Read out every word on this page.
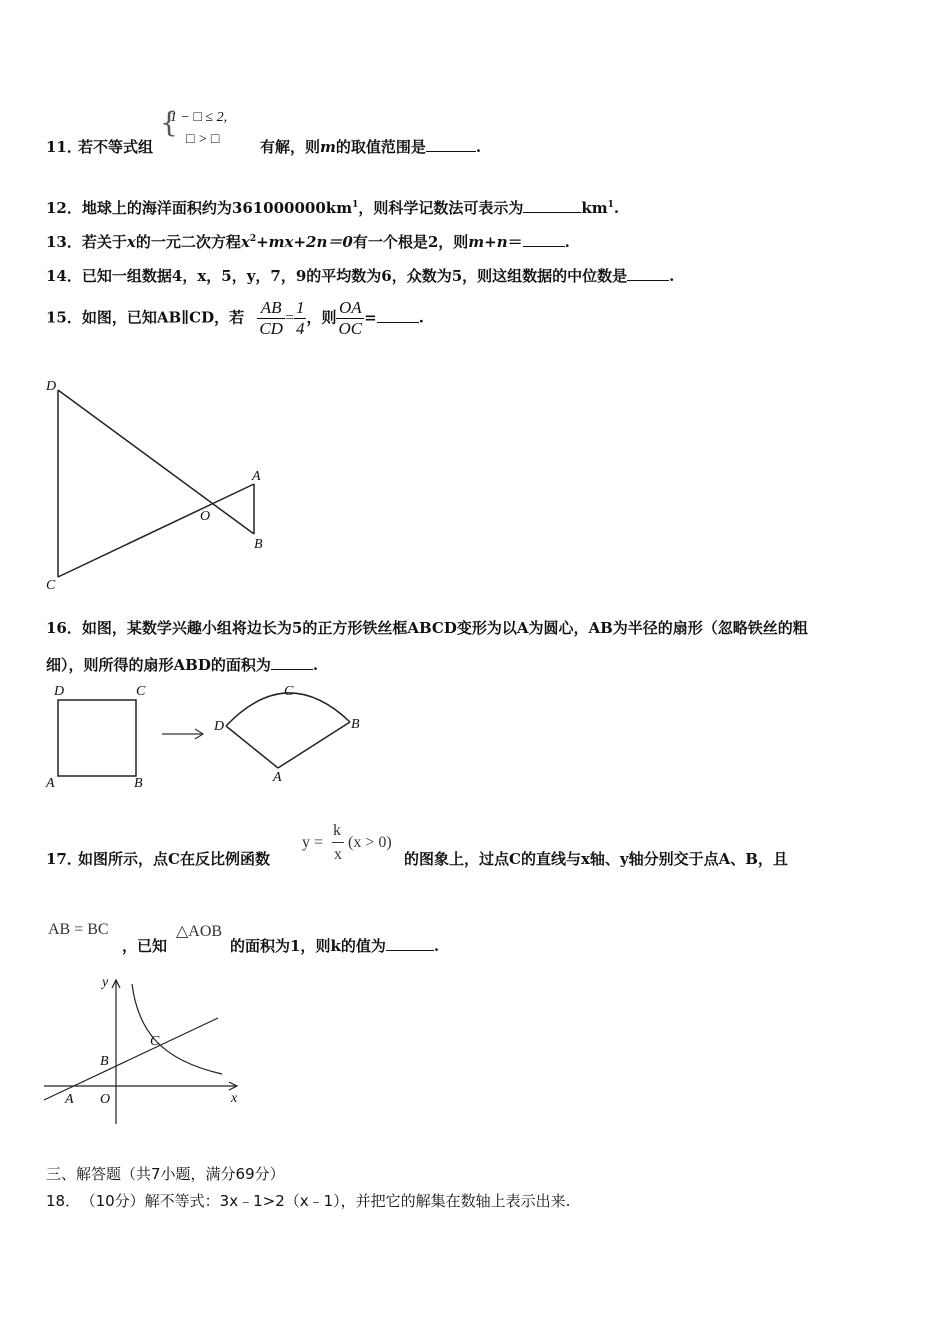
11．
若不等式组
{
1 − □ ≤ 2,
□ > □	有解，则m的取值范围是	.
12．地球上的海洋面积约为$361000000km^1$，则科学记数法可表示为	$km^1$.
13．若关于x的一元二次方程$x^2+mx+2n=0$有一个根是2，则m+n＝	.
14．已知一组数据4，x，5，y，7，9的平均数为6，众数为5，则这组数据的中位数是	.
15．如图，已知AB∥CD，若 $\frac{AB}{CD} = \frac{1}{4}$ ，则 $\frac{OA}{OC}$ =	.
D
C
O
A
B
16．如图，某数学兴趣小组将边长为5的正方形铁丝框ABCD变形为以A为圆心，AB为半径的扇形（忽略铁丝的粗
细），则所得的扇形ABD的面积为	.
D	C
A	B
D
C
B
A
17．
如图所示，点C在反比例函数
y =
k
x
(x > 0)
的图象上，过点C的直线与x轴、y轴分别交于点A、B，且
AB = BC
，已知
△AOB
的面积为1，则k的值为	.
y
x
O
A
B
C
三、解答题（共7小题，满分69分）
18． （10分）解不等式：3x﹣1>2（x﹣1），并把它的解集在数轴上表示出来.
